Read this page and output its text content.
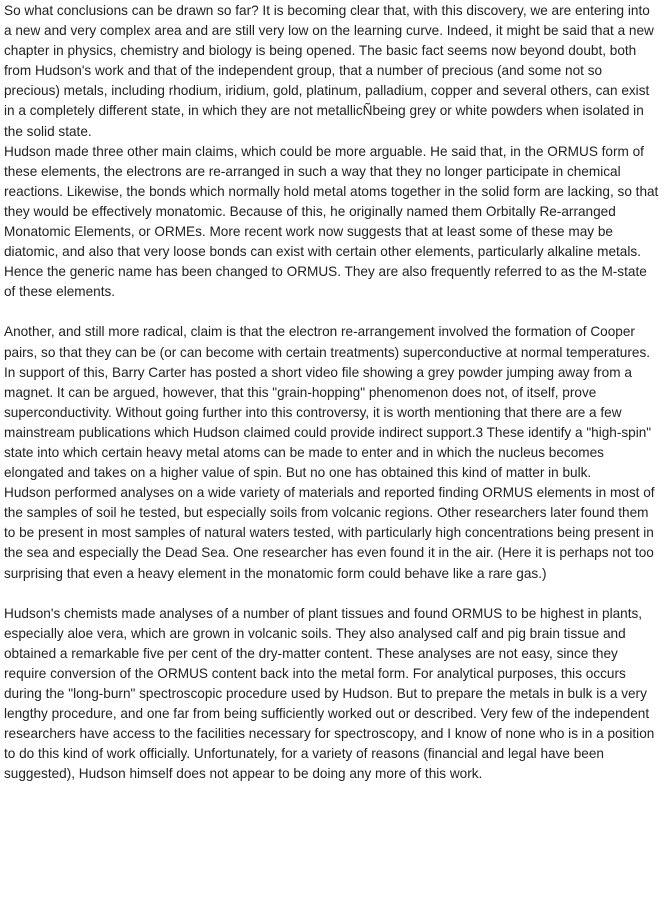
So what conclusions can be drawn so far? It is becoming clear that, with this discovery, we are entering into a new and very complex area and are still very low on the learning curve. Indeed, it might be said that a new chapter in physics, chemistry and biology is being opened. The basic fact seems now beyond doubt, both from Hudson's work and that of the independent group, that a number of precious (and some not so precious) metals, including rhodium, iridium, gold, platinum, palladium, copper and several others, can exist in a completely different state, in which they are not metallicÑbeing grey or white powders when isolated in the solid state.

Hudson made three other main claims, which could be more arguable. He said that, in the ORMUS form of these elements, the electrons are re-arranged in such a way that they no longer participate in chemical reactions. Likewise, the bonds which normally hold metal atoms together in the solid form are lacking, so that they would be effectively monatomic. Because of this, he originally named them Orbitally Re-arranged Monatomic Elements, or ORMEs. More recent work now suggests that at least some of these may be diatomic, and also that very loose bonds can exist with certain other elements, particularly alkaline metals. Hence the generic name has been changed to ORMUS. They are also frequently referred to as the M-state of these elements.

Another, and still more radical, claim is that the electron re-arrangement involved the formation of Cooper pairs, so that they can be (or can become with certain treatments) superconductive at normal temperatures. In support of this, Barry Carter has posted a short video file showing a grey powder jumping away from a magnet. It can be argued, however, that this "grain-hopping" phenomenon does not, of itself, prove superconductivity. Without going further into this controversy, it is worth mentioning that there are a few mainstream publications which Hudson claimed could provide indirect support.3 These identify a "high-spin" state into which certain heavy metal atoms can be made to enter and in which the nucleus becomes elongated and takes on a higher value of spin. But no one has obtained this kind of matter in bulk.

Hudson performed analyses on a wide variety of materials and reported finding ORMUS elements in most of the samples of soil he tested, but especially soils from volcanic regions. Other researchers later found them to be present in most samples of natural waters tested, with particularly high concentrations being present in the sea and especially the Dead Sea. One researcher has even found it in the air. (Here it is perhaps not too surprising that even a heavy element in the monatomic form could behave like a rare gas.)

Hudson's chemists made analyses of a number of plant tissues and found ORMUS to be highest in plants, especially aloe vera, which are grown in volcanic soils. They also analysed calf and pig brain tissue and obtained a remarkable five per cent of the dry-matter content. These analyses are not easy, since they require conversion of the ORMUS content back into the metal form. For analytical purposes, this occurs during the "long-burn" spectroscopic procedure used by Hudson. But to prepare the metals in bulk is a very lengthy procedure, and one far from being sufficiently worked out or described. Very few of the independent researchers have access to the facilities necessary for spectroscopy, and I know of none who is in a position to do this kind of work officially. Unfortunately, for a variety of reasons (financial and legal have been suggested), Hudson himself does not appear to be doing any more of this work.
